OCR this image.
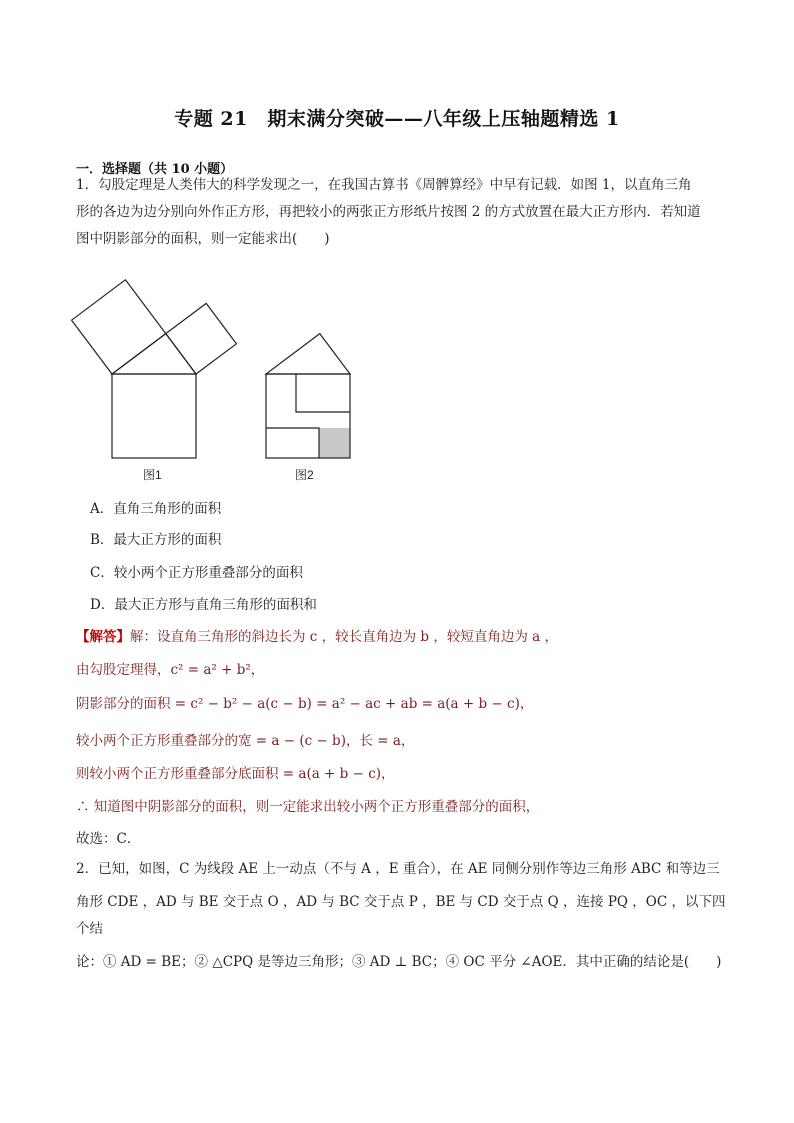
专题 21　期末满分突破——八年级上压轴题精选 1
一．选择题（共 10 小题）
1．勾股定理是人类伟大的科学发现之一，在我国古算书《周髀算经》中早有记载．如图 1，以直角三角
形的各边为边分别向外作正方形，再把较小的两张正方形纸片按图 2 的方式放置在最大正方形内．若知道
图中阴影部分的面积，则一定能求出(　　)
图1	图2
A．直角三角形的面积
B．最大正方形的面积
C．较小两个正方形重叠部分的面积
D．最大正方形与直角三角形的面积和
【解答】解：设直角三角形的斜边长为 c ，较长直角边为 b ，较短直角边为 a ，
由勾股定理得，c² = a² + b²，
阴影部分的面积 = c² − b² − a(c − b) = a² − ac + ab = a(a + b − c)，
较小两个正方形重叠部分的宽 = a − (c − b)，长 = a，
则较小两个正方形重叠部分底面积 = a(a + b − c)，
∴ 知道图中阴影部分的面积，则一定能求出较小两个正方形重叠部分的面积，
故选：C．
2．已知，如图，C 为线段 AE 上一动点（不与 A ，E 重合），在 AE 同侧分别作等边三角形 ABC 和等边三
角形 CDE ，AD 与 BE 交于点 O ，AD 与 BC 交于点 P ，BE 与 CD 交于点 Q ，连接 PQ ，OC ，以下四个结
论：① AD = BE；② △CPQ 是等边三角形；③ AD ⊥ BC；④ OC 平分 ∠AOE．其中正确的结论是(　　)
